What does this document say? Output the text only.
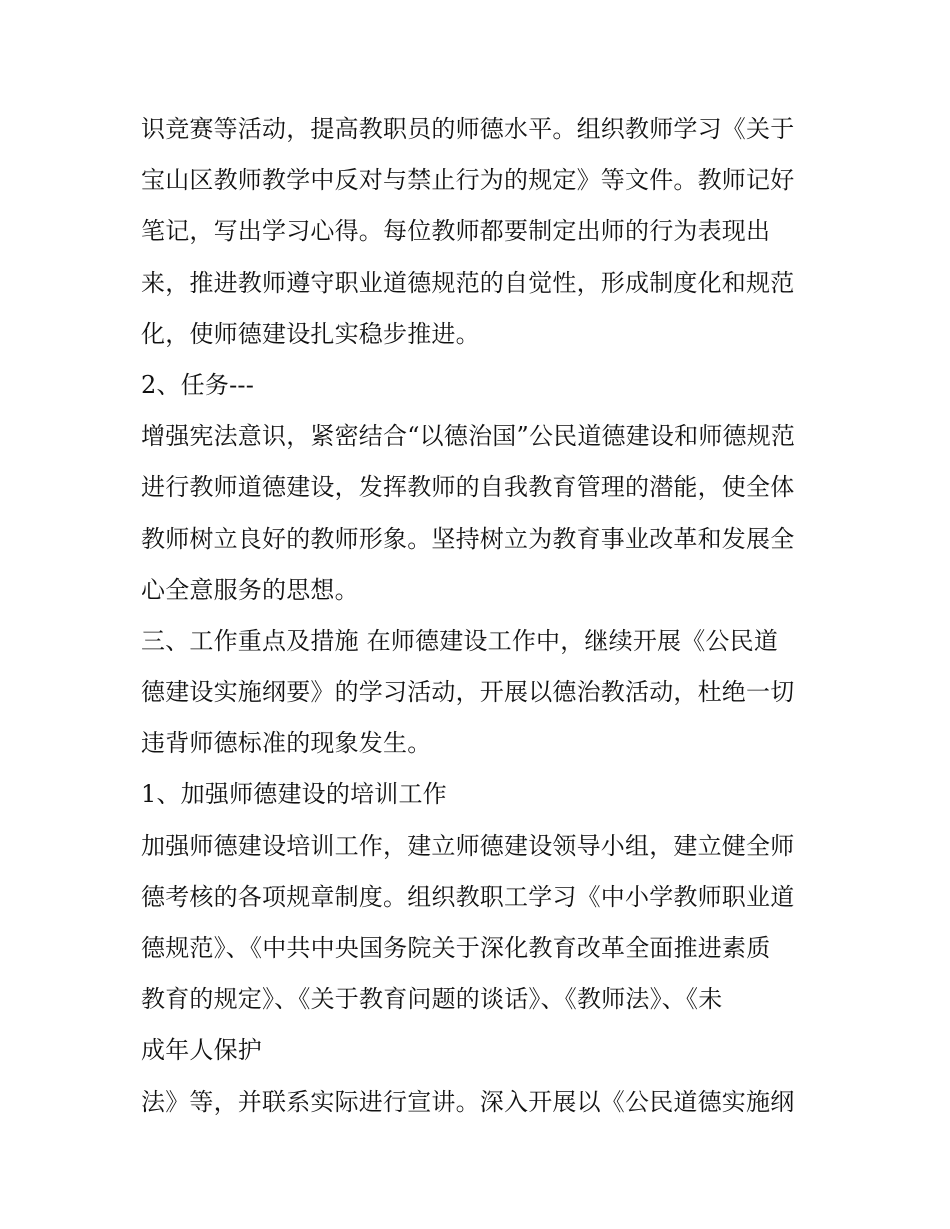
识竞赛等活动，提高教职员的师德水平。组织教师学习《关于
宝山区教师教学中反对与禁止行为的规定》等文件。教师记好
笔记，写出学习心得。每位教师都要制定出师的行为表现出
来，推进教师遵守职业道德规范的自觉性，形成制度化和规范
化，使师德建设扎实稳步推进。
2、任务---
增强宪法意识，紧密结合“以德治国”公民道德建设和师德规范
进行教师道德建设，发挥教师的自我教育管理的潜能，使全体
教师树立良好的教师形象。坚持树立为教育事业改革和发展全
心全意服务的思想。
三、工作重点及措施 在师德建设工作中，继续开展《公民道
德建设实施纲要》的学习活动，开展以德治教活动，杜绝一切
违背师德标准的现象发生。
1、加强师德建设的培训工作
加强师德建设培训工作，建立师德建设领导小组，建立健全师
德考核的各项规章制度。组织教职工学习《中小学教师职业道
德规范》、《中共中央国务院关于深化教育改革全面推进素质
教育的规定》、《关于教育问题的谈话》、《教师法》、《未
成年人保护
法》等，并联系实际进行宣讲。深入开展以《公民道德实施纲
